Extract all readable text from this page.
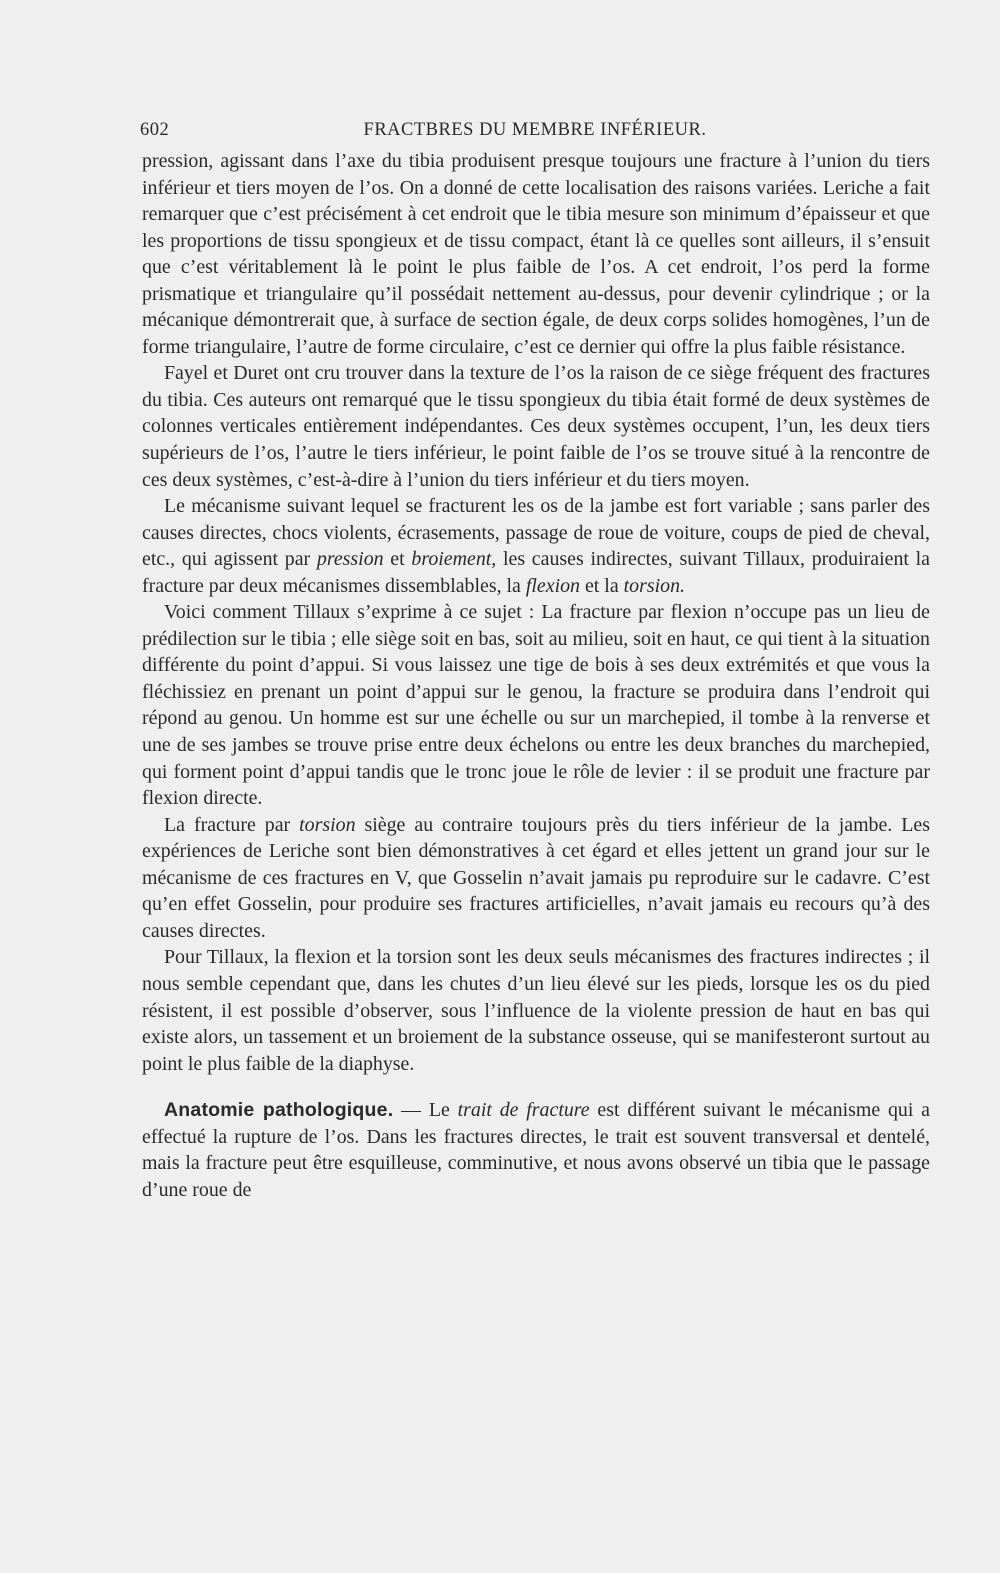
602	FRACTBRES DU MEMBRE INFÉRIEUR.

pression, agissant dans l’axe du tibia produisent presque toujours une fracture à l’union du tiers inférieur et tiers moyen de l’os. On a donné de cette localisation des raisons variées. Leriche a fait remarquer que c’est précisément à cet endroit que le tibia mesure son minimum d’épaisseur et que les proportions de tissu spongieux et de tissu compact, étant là ce quelles sont ailleurs, il s’ensuit que c’est véritablement là le point le plus faible de l’os. A cet endroit, l’os perd la forme prismatique et triangulaire qu’il possédait nettement au-dessus, pour devenir cylindrique ; or la mécanique démontrerait que, à surface de section égale, de deux corps solides homogènes, l’un de forme triangulaire, l’autre de forme circulaire, c’est ce dernier qui offre la plus faible résistance.

Fayel et Duret ont cru trouver dans la texture de l’os la raison de ce siège fréquent des fractures du tibia. Ces auteurs ont remarqué que le tissu spongieux du tibia était formé de deux systèmes de colonnes verticales entièrement indépendantes. Ces deux systèmes occupent, l’un, les deux tiers supérieurs de l’os, l’autre le tiers inférieur, le point faible de l’os se trouve situé à la rencontre de ces deux systèmes, c’est-à-dire à l’union du tiers inférieur et du tiers moyen.

Le mécanisme suivant lequel se fracturent les os de la jambe est fort variable ; sans parler des causes directes, chocs violents, écrasements, passage de roue de voiture, coups de pied de cheval, etc., qui agissent par pression et broiement, les causes indirectes, suivant Tillaux, produiraient la fracture par deux mécanismes dissemblables, la flexion et la torsion.

Voici comment Tillaux s’exprime à ce sujet : La fracture par flexion n’occupe pas un lieu de prédilection sur le tibia ; elle siège soit en bas, soit au milieu, soit en haut, ce qui tient à la situation différente du point d’appui. Si vous laissez une tige de bois à ses deux extrémités et que vous la fléchissiez en prenant un point d’appui sur le genou, la fracture se produira dans l’endroit qui répond au genou. Un homme est sur une échelle ou sur un marchepied, il tombe à la renverse et une de ses jambes se trouve prise entre deux échelons ou entre les deux branches du marchepied, qui forment point d’appui tandis que le tronc joue le rôle de levier : il se produit une fracture par flexion directe.

La fracture par torsion siège au contraire toujours près du tiers inférieur de la jambe. Les expériences de Leriche sont bien démonstratives à cet égard et elles jettent un grand jour sur le mécanisme de ces fractures en V, que Gosselin n’avait jamais pu reproduire sur le cadavre. C’est qu’en effet Gosselin, pour produire ses fractures artificielles, n’avait jamais eu recours qu’à des causes directes.

Pour Tillaux, la flexion et la torsion sont les deux seuls mécanismes des fractures indirectes ; il nous semble cependant que, dans les chutes d’un lieu élevé sur les pieds, lorsque les os du pied résistent, il est possible d’observer, sous l’influence de la violente pression de haut en bas qui existe alors, un tassement et un broiement de la substance osseuse, qui se manifesteront surtout au point le plus faible de la diaphyse.

Anatomie pathologique. — Le trait de fracture est différent suivant le mécanisme qui a effectué la rupture de l’os. Dans les fractures directes, le trait est souvent transversal et dentelé, mais la fracture peut être esquilleuse, comminutive, et nous avons observé un tibia que le passage d’une roue de
